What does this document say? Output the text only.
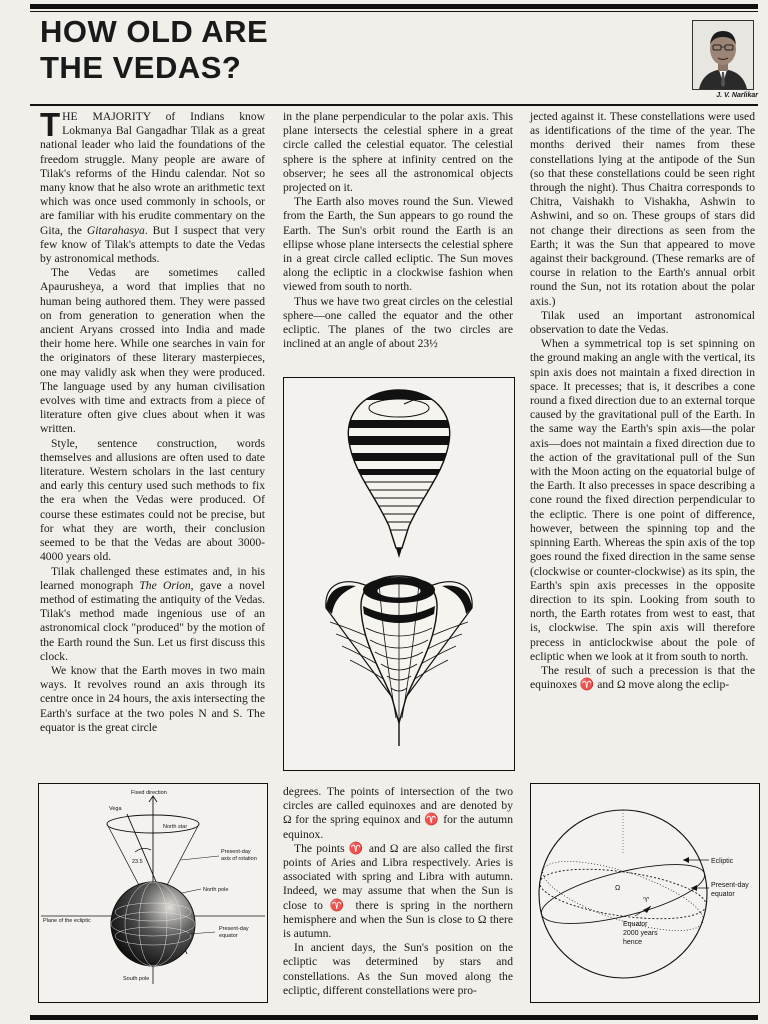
HOW OLD ARE
THE VEDAS?
J. V. Narlikar

THE MAJORITY of Indians know Lokmanya Bal Gangadhar Tilak as a great national leader who laid the foundations of the freedom struggle. Many people are aware of Tilak's reforms of the Hindu calendar. Not so many know that he also wrote an arithmetic text which was once used commonly in schools, or are familiar with his erudite commentary on the Gita, the Gitarahasya. But I suspect that very few know of Tilak's attempts to date the Vedas by astronomical methods.

The Vedas are sometimes called Apaurusheya, a word that implies that no human being authored them. They were passed on from generation to generation when the ancient Aryans crossed into India and made their home here. While one searches in vain for the originators of these literary masterpieces, one may validly ask when they were produced. The language used by any human civilisation evolves with time and extracts from a piece of literature often give clues about when it was written.

Style, sentence construction, words themselves and allusions are often used to date literature. Western scholars in the last century and early this century used such methods to fix the era when the Vedas were produced. Of course these estimates could not be precise, but for what they are worth, their conclusion seemed to be that the Vedas are about 3000-4000 years old.

Tilak challenged these estimates and, in his learned monograph The Orion, gave a novel method of estimating the antiquity of the Vedas. Tilak's method made ingenious use of an astronomical clock "produced" by the motion of the Earth round the Sun. Let us first discuss this clock.

We know that the Earth moves in two main ways. It revolves round an axis through its centre once in 24 hours, the axis intersecting the Earth's surface at the two poles N and S. The equator is the great circle

in the plane perpendicular to the polar axis. This plane intersects the celestial sphere in a great circle called the celestial equator. The celestial sphere is the sphere at infinity centred on the observer; he sees all the astronomical objects projected on it.

The Earth also moves round the Sun. Viewed from the Earth, the Sun appears to go round the Earth. The Sun's orbit round the Earth is an ellipse whose plane intersects the celestial sphere in a great circle called ecliptic. The Sun moves along the ecliptic in a clockwise fashion when viewed from south to north.

Thus we have two great circles on the celestial sphere—one called the equator and the other ecliptic. The planes of the two circles are inclined at an angle of about 23½

degrees. The points of intersection of the two circles are called equinoxes and are denoted by Ω for the spring equinox and ♈ for the autumn equinox.

The points ♈ and Ω are also called the first points of Aries and Libra respectively. Aries is associated with spring and Libra with autumn. Indeed, we may assume that when the Sun is close to ♈ there is spring in the northern hemisphere and when the Sun is close to Ω there is autumn.

In ancient days, the Sun's position on the ecliptic was determined by stars and constellations. As the Sun moved along the ecliptic, different constellations were pro-

jected against it. These constellations were used as identifications of the time of the year. The months derived their names from these constellations lying at the antipode of the Sun (so that these constellations could be seen right through the night). Thus Chaitra corresponds to Chitra, Vaishakh to Vishakha, Ashwin to Ashwini, and so on. These groups of stars did not change their directions as seen from the Earth; it was the Sun that appeared to move against their background. (These remarks are of course in relation to the Earth's annual orbit round the Sun, not its rotation about the polar axis.)

Tilak used an important astronomical observation to date the Vedas.

When a symmetrical top is set spinning on the ground making an angle with the vertical, its spin axis does not maintain a fixed direction in space. It precesses; that is, it describes a cone round a fixed direction due to an external torque caused by the gravitational pull of the Earth. In the same way the Earth's spin axis—the polar axis—does not maintain a fixed direction due to the action of the gravitational pull of the Sun with the Moon acting on the equatorial bulge of the Earth. It also precesses in space describing a cone round the fixed direction perpendicular to the ecliptic. There is one point of difference, however, between the spinning top and the spinning Earth. Whereas the spin axis of the top goes round the fixed direction in the same sense (clockwise or counter-clockwise) as its spin, the Earth's spin axis precesses in the opposite direction to its spin. Looking from south to north, the Earth rotates from west to east, that is, clockwise. The spin axis will therefore precess in anticlockwise about the pole of ecliptic when we look at it from south to north.

The result of such a precession is that the equinoxes ♈ and Ω move along the eclip-

Fixed direction
Vega
North star
Present-day
axis of rotation
North pole
Plane of the ecliptic
Present-day
equator
South pole
23.5
♈
Ω
Ecliptic
Present-day
equator
Equator
2000 years
hence
